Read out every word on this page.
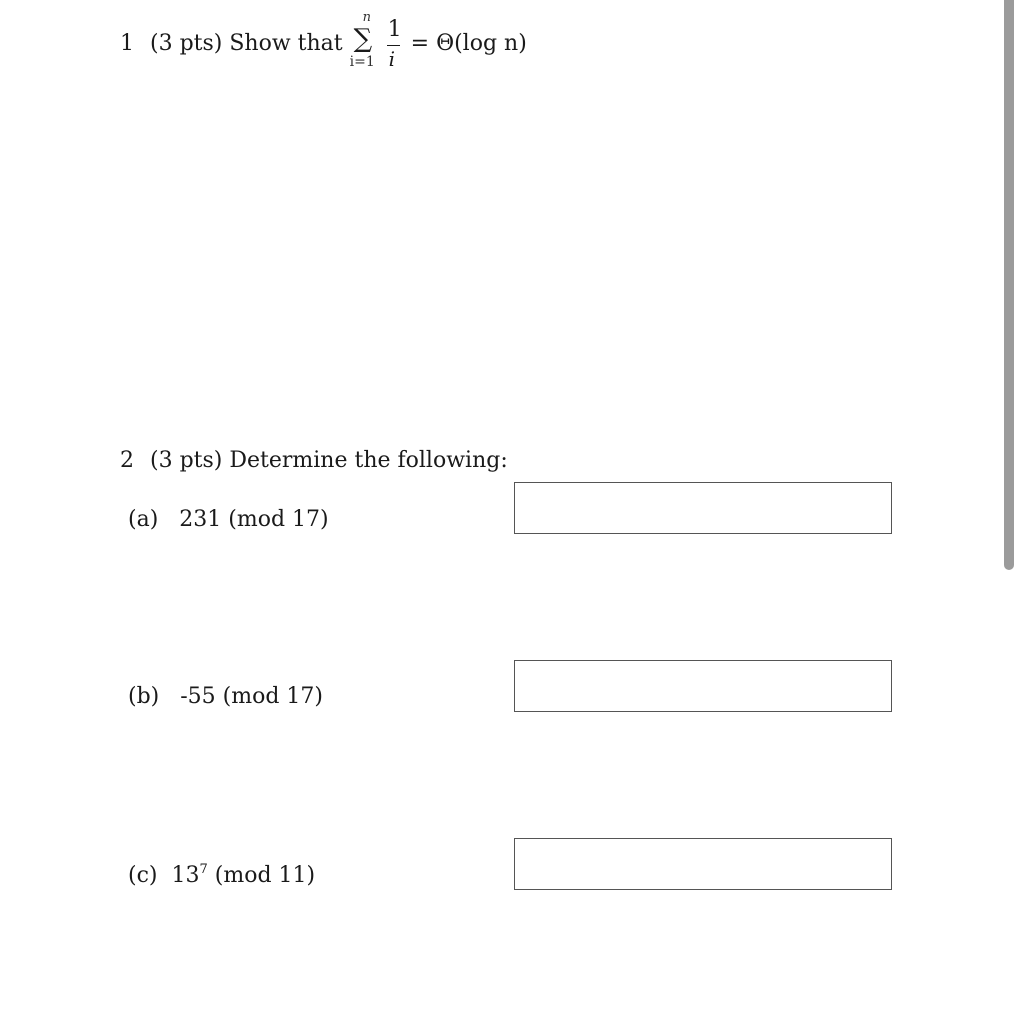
1 (3 pts) Show that
n
∑
$i=1 \frac{1}{i} = \Theta(\log$ n)
2 (3 pts) Determine the following:
(a) 231 (mod 17)
(b) -55 (mod 17)
(c) $13^7$ (mod 11)
